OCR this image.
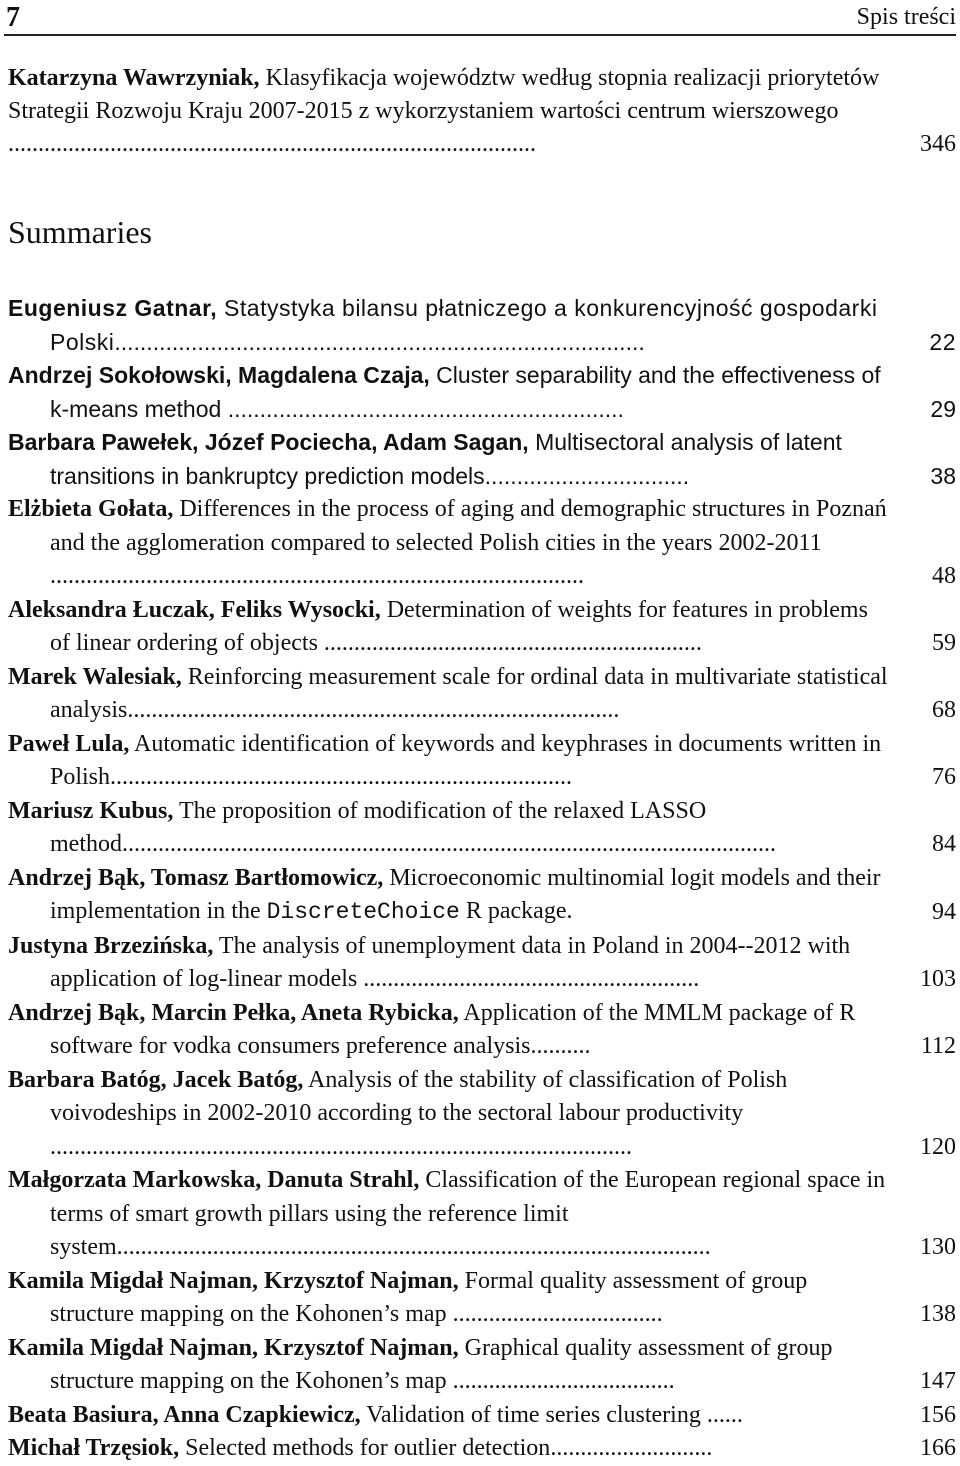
7	Spis treści
Katarzyna Wawrzyniak, Klasyfikacja województw według stopnia realizacji priorytetów Strategii Rozwoju Kraju 2007-2015 z wykorzystaniem wartości centrum wierszowego ........................................................................................	346
Summaries
Eugeniusz Gatnar, Statystyka bilansu płatniczego a konkurencyjność gospodarki Polski...................................................................................	22
Andrzej Sokołowski, Magdalena Czaja, Cluster separability and the effectiveness of k-means method ..............................................................	29
Barbara Pawełek, Józef Pociecha, Adam Sagan, Multisectoral analysis of latent transitions in bankruptcy prediction models................................	38
Elżbieta Gołata, Differences in the process of aging and demographic structures in Poznań and the agglomeration compared to selected Polish cities in the years 2002-2011 .........................................................................................	48
Aleksandra Łuczak, Feliks Wysocki, Determination of weights for features in problems of linear ordering of objects ...............................................................	59
Marek Walesiak, Reinforcing measurement scale for ordinal data in multivariate statistical analysis..................................................................................	68
Paweł Lula, Automatic identification of keywords and keyphrases in documents written in Polish.............................................................................	76
Mariusz Kubus, The proposition of modification of the relaxed LASSO method.............................................................................................................	84
Andrzej Bąk, Tomasz Bartłomowicz, Microeconomic multinomial logit models and their implementation in the DiscreteChoice R package.	94
Justyna Brzezińska, The analysis of unemployment data in Poland in 2004--2012 with application of log-linear models ........................................................	103
Andrzej Bąk, Marcin Pełka, Aneta Rybicka, Application of the MMLM package of R software for vodka consumers preference analysis..........	112
Barbara Batóg, Jacek Batóg, Analysis of the stability of classification of Polish voivodeships in 2002-2010 according to the sectoral labour productivity .................................................................................................	120
Małgorzata Markowska, Danuta Strahl, Classification of the European regional space in terms of smart growth pillars using the reference limit system...................................................................................................	130
Kamila Migdał Najman, Krzysztof Najman, Formal quality assessment of group structure mapping on the Kohonen’s map ...................................	138
Kamila Migdał Najman, Krzysztof Najman, Graphical quality assessment of group structure mapping on the Kohonen’s map .....................................	147
Beata Basiura, Anna Czapkiewicz, Validation of time series clustering ......	156
Michał Trzęsiok, Selected methods for outlier detection...........................	166
